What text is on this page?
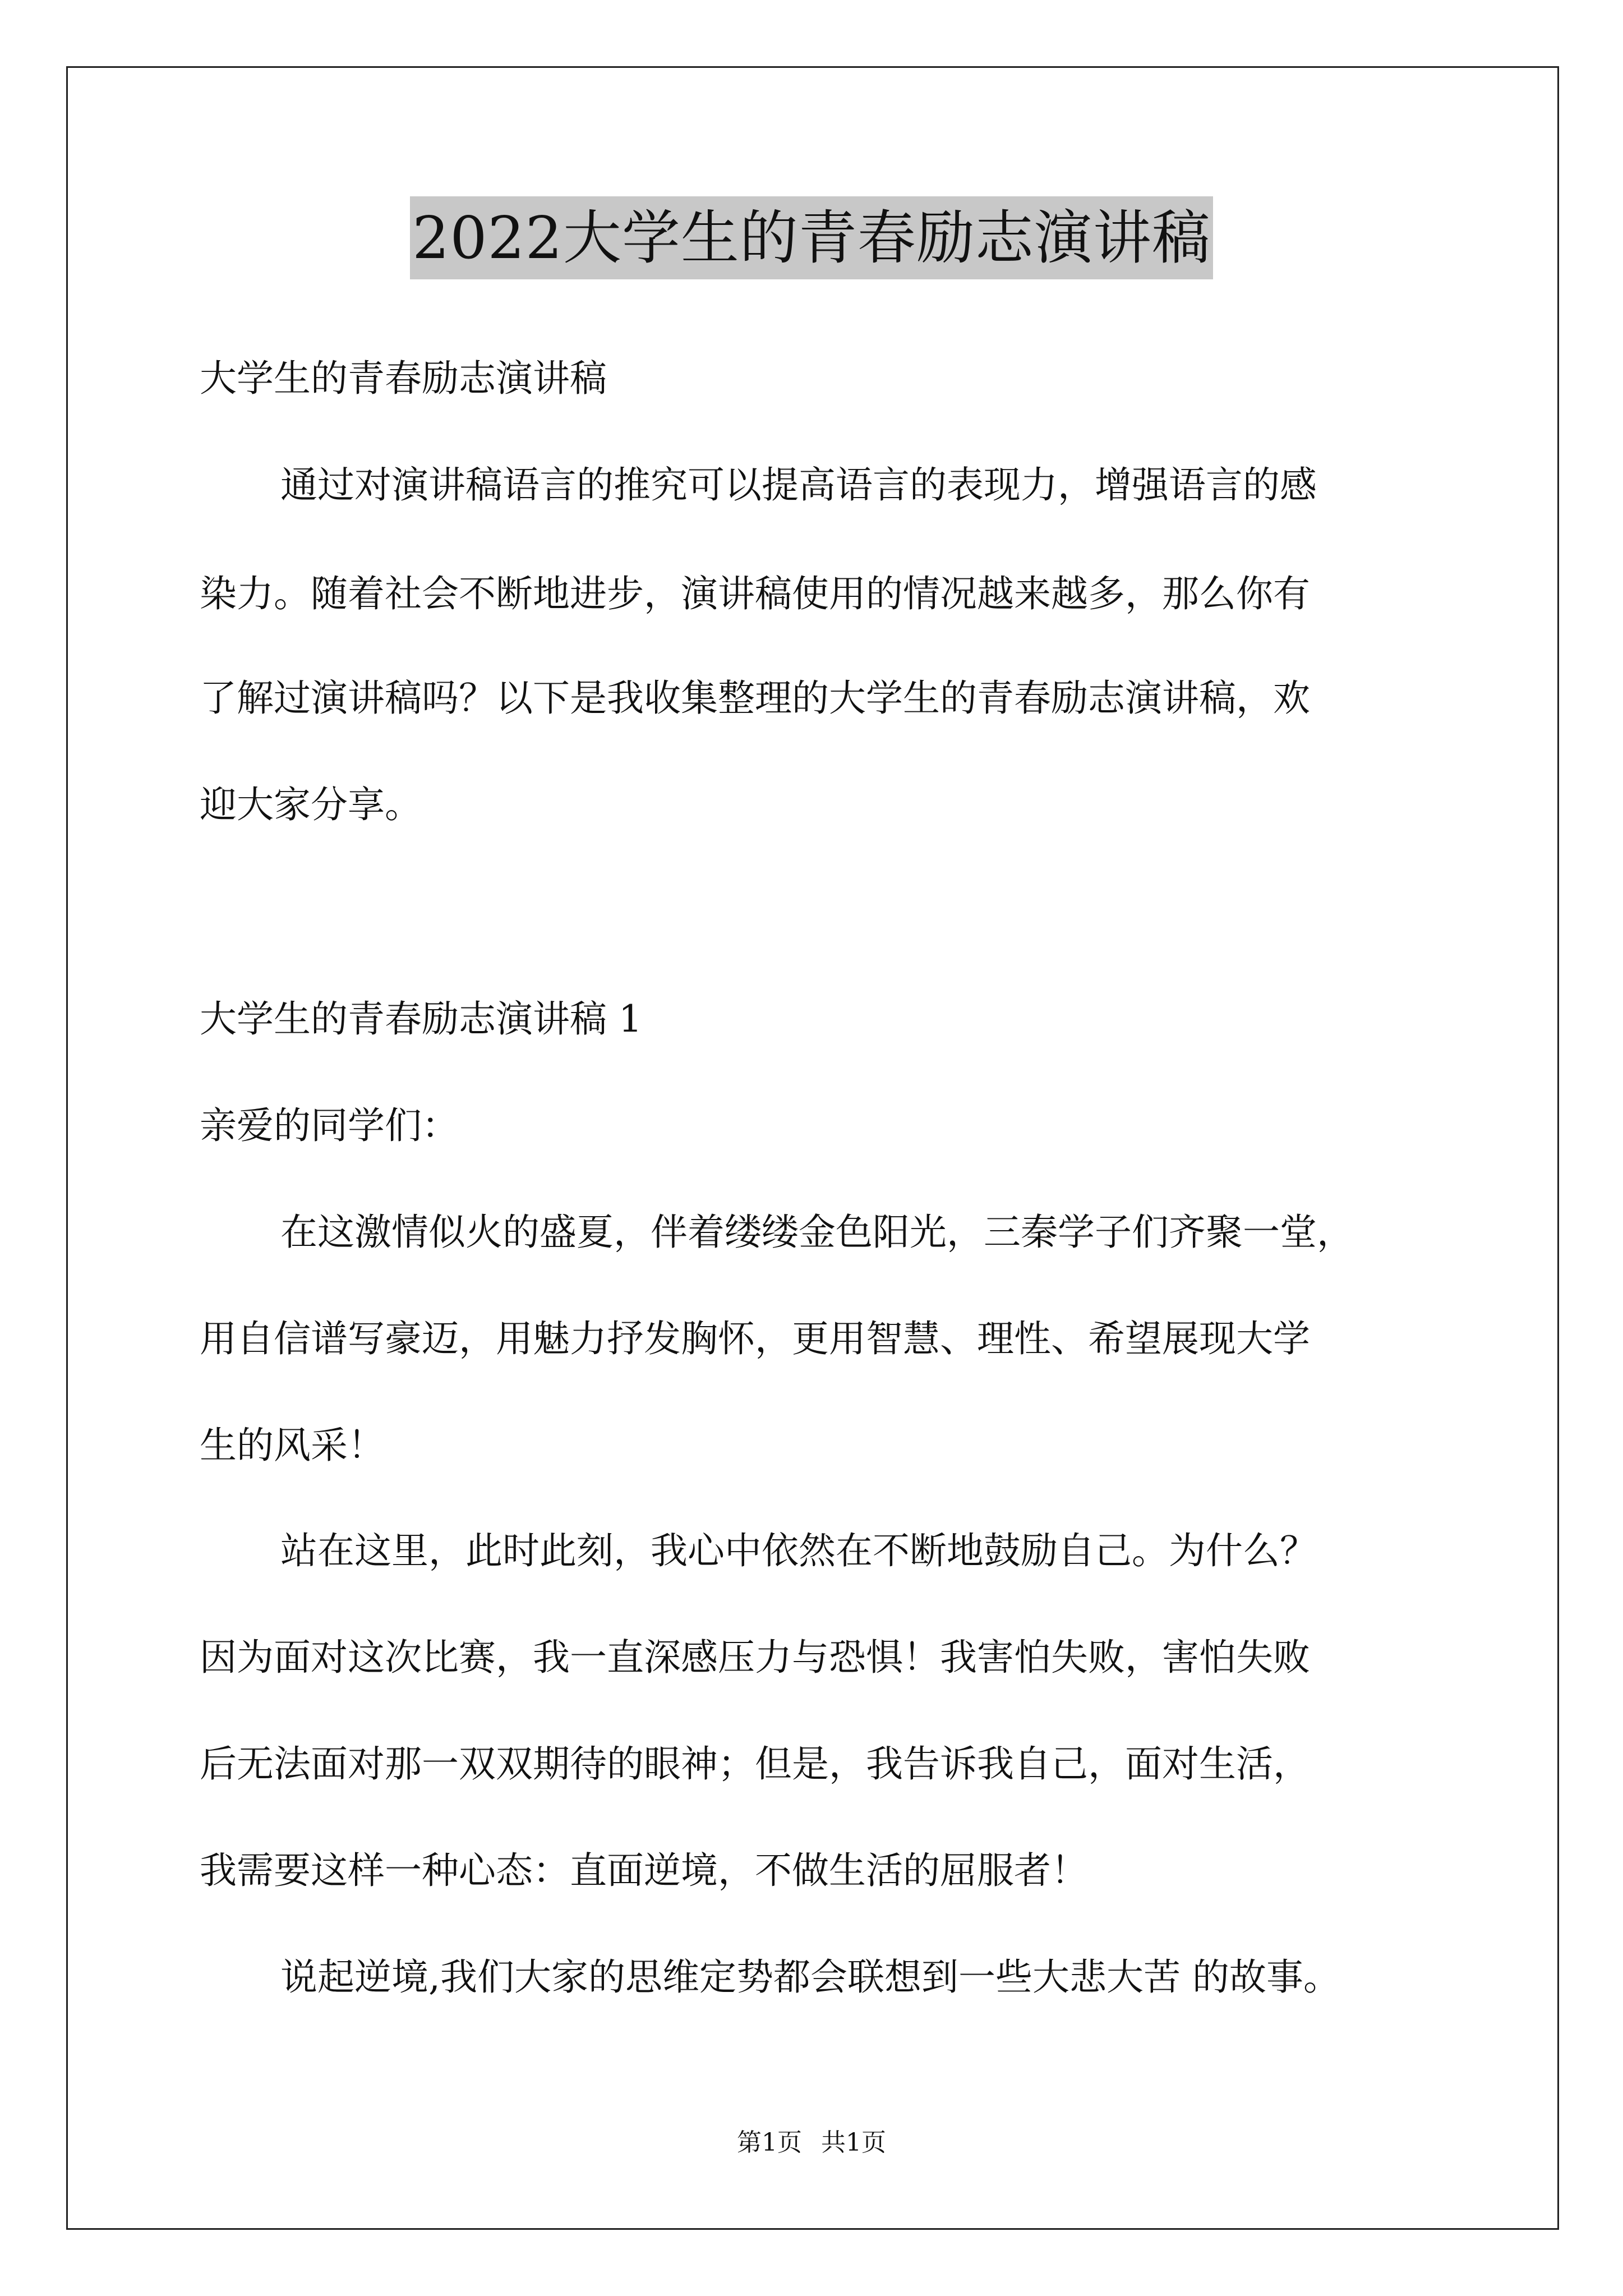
2022大学生的青春励志演讲稿

大学生的青春励志演讲稿

通过对演讲稿语言的推究可以提高语言的表现力，增强语言的感

染力。随着社会不断地进步，演讲稿使用的情况越来越多，那么你有

了解过演讲稿吗？以下是我收集整理的大学生的青春励志演讲稿，欢

迎大家分享。

大学生的青春励志演讲稿 1

亲爱的同学们：

在这激情似火的盛夏，伴着缕缕金色阳光，三秦学子们齐聚一堂，

用自信谱写豪迈，用魅力抒发胸怀，更用智慧、理性、希望展现大学

生的风采！

站在这里，此时此刻，我心中依然在不断地鼓励自己。为什么？

因为面对这次比赛，我一直深感压力与恐惧！我害怕失败，害怕失败

后无法面对那一双双期待的眼神；但是，我告诉我自己，面对生活，

我需要这样一种心态：直面逆境，不做生活的屈服者！

说起逆境,我们大家的思维定势都会联想到一些大悲大苦 的故事。

第1页 共1页
